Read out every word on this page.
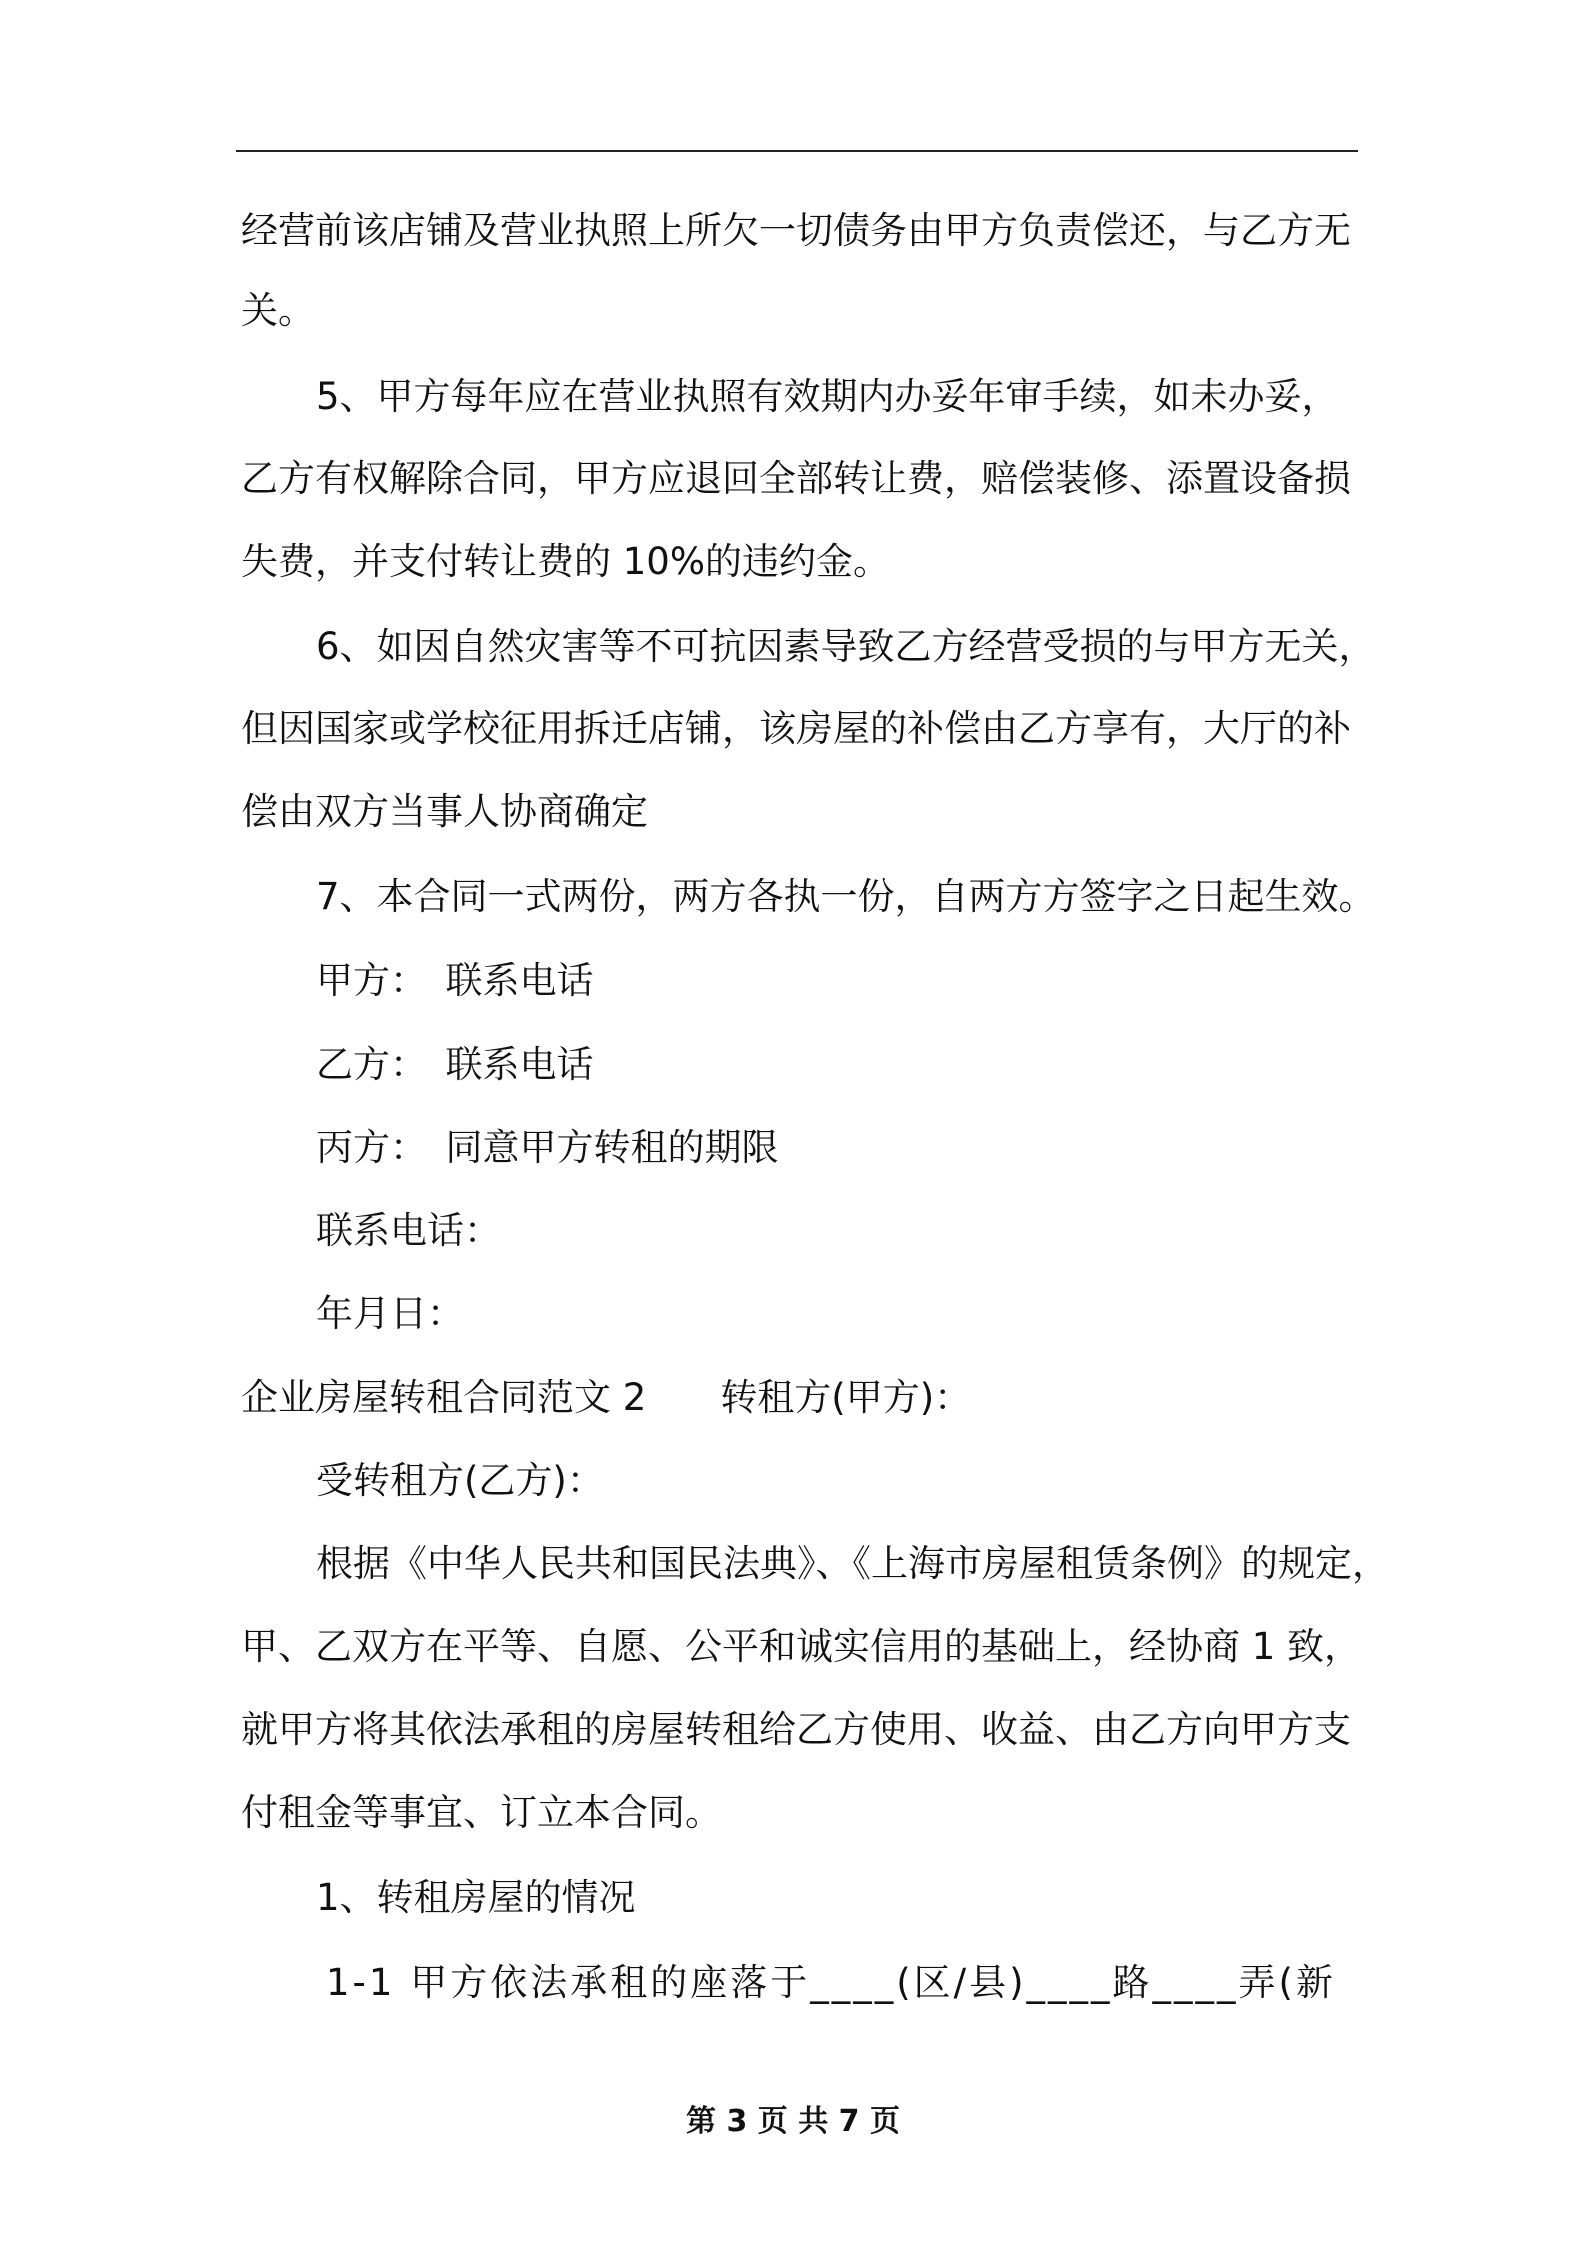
经营前该店铺及营业执照上所欠一切债务由甲方负责偿还，与乙方无
关。
5、甲方每年应在营业执照有效期内办妥年审手续，如未办妥，
乙方有权解除合同，甲方应退回全部转让费，赔偿装修、添置设备损
失费，并支付转让费的 10%的违约金。
6、如因自然灾害等不可抗因素导致乙方经营受损的与甲方无关，
但因国家或学校征用拆迁店铺，该房屋的补偿由乙方享有，大厅的补
偿由双方当事人协商确定
7、本合同一式两份，两方各执一份，自两方方签字之日起生效。
甲方：　联系电话
乙方：　联系电话
丙方：　同意甲方转租的期限
联系电话：
年月日：
企业房屋转租合同范文 2 转租方(甲方)：
受转租方(乙方)：
根据《中华人民共和国民法典》、《上海市房屋租赁条例》的规定，
甲、乙双方在平等、自愿、公平和诚实信用的基础上，经协商 1 致，
就甲方将其依法承租的房屋转租给乙方使用、收益、由乙方向甲方支
付租金等事宜、订立本合同。
1、转租房屋的情况
1-1 甲方依法承租的座落于____(区/县)____路____弄(新
第 3 页 共 7 页
